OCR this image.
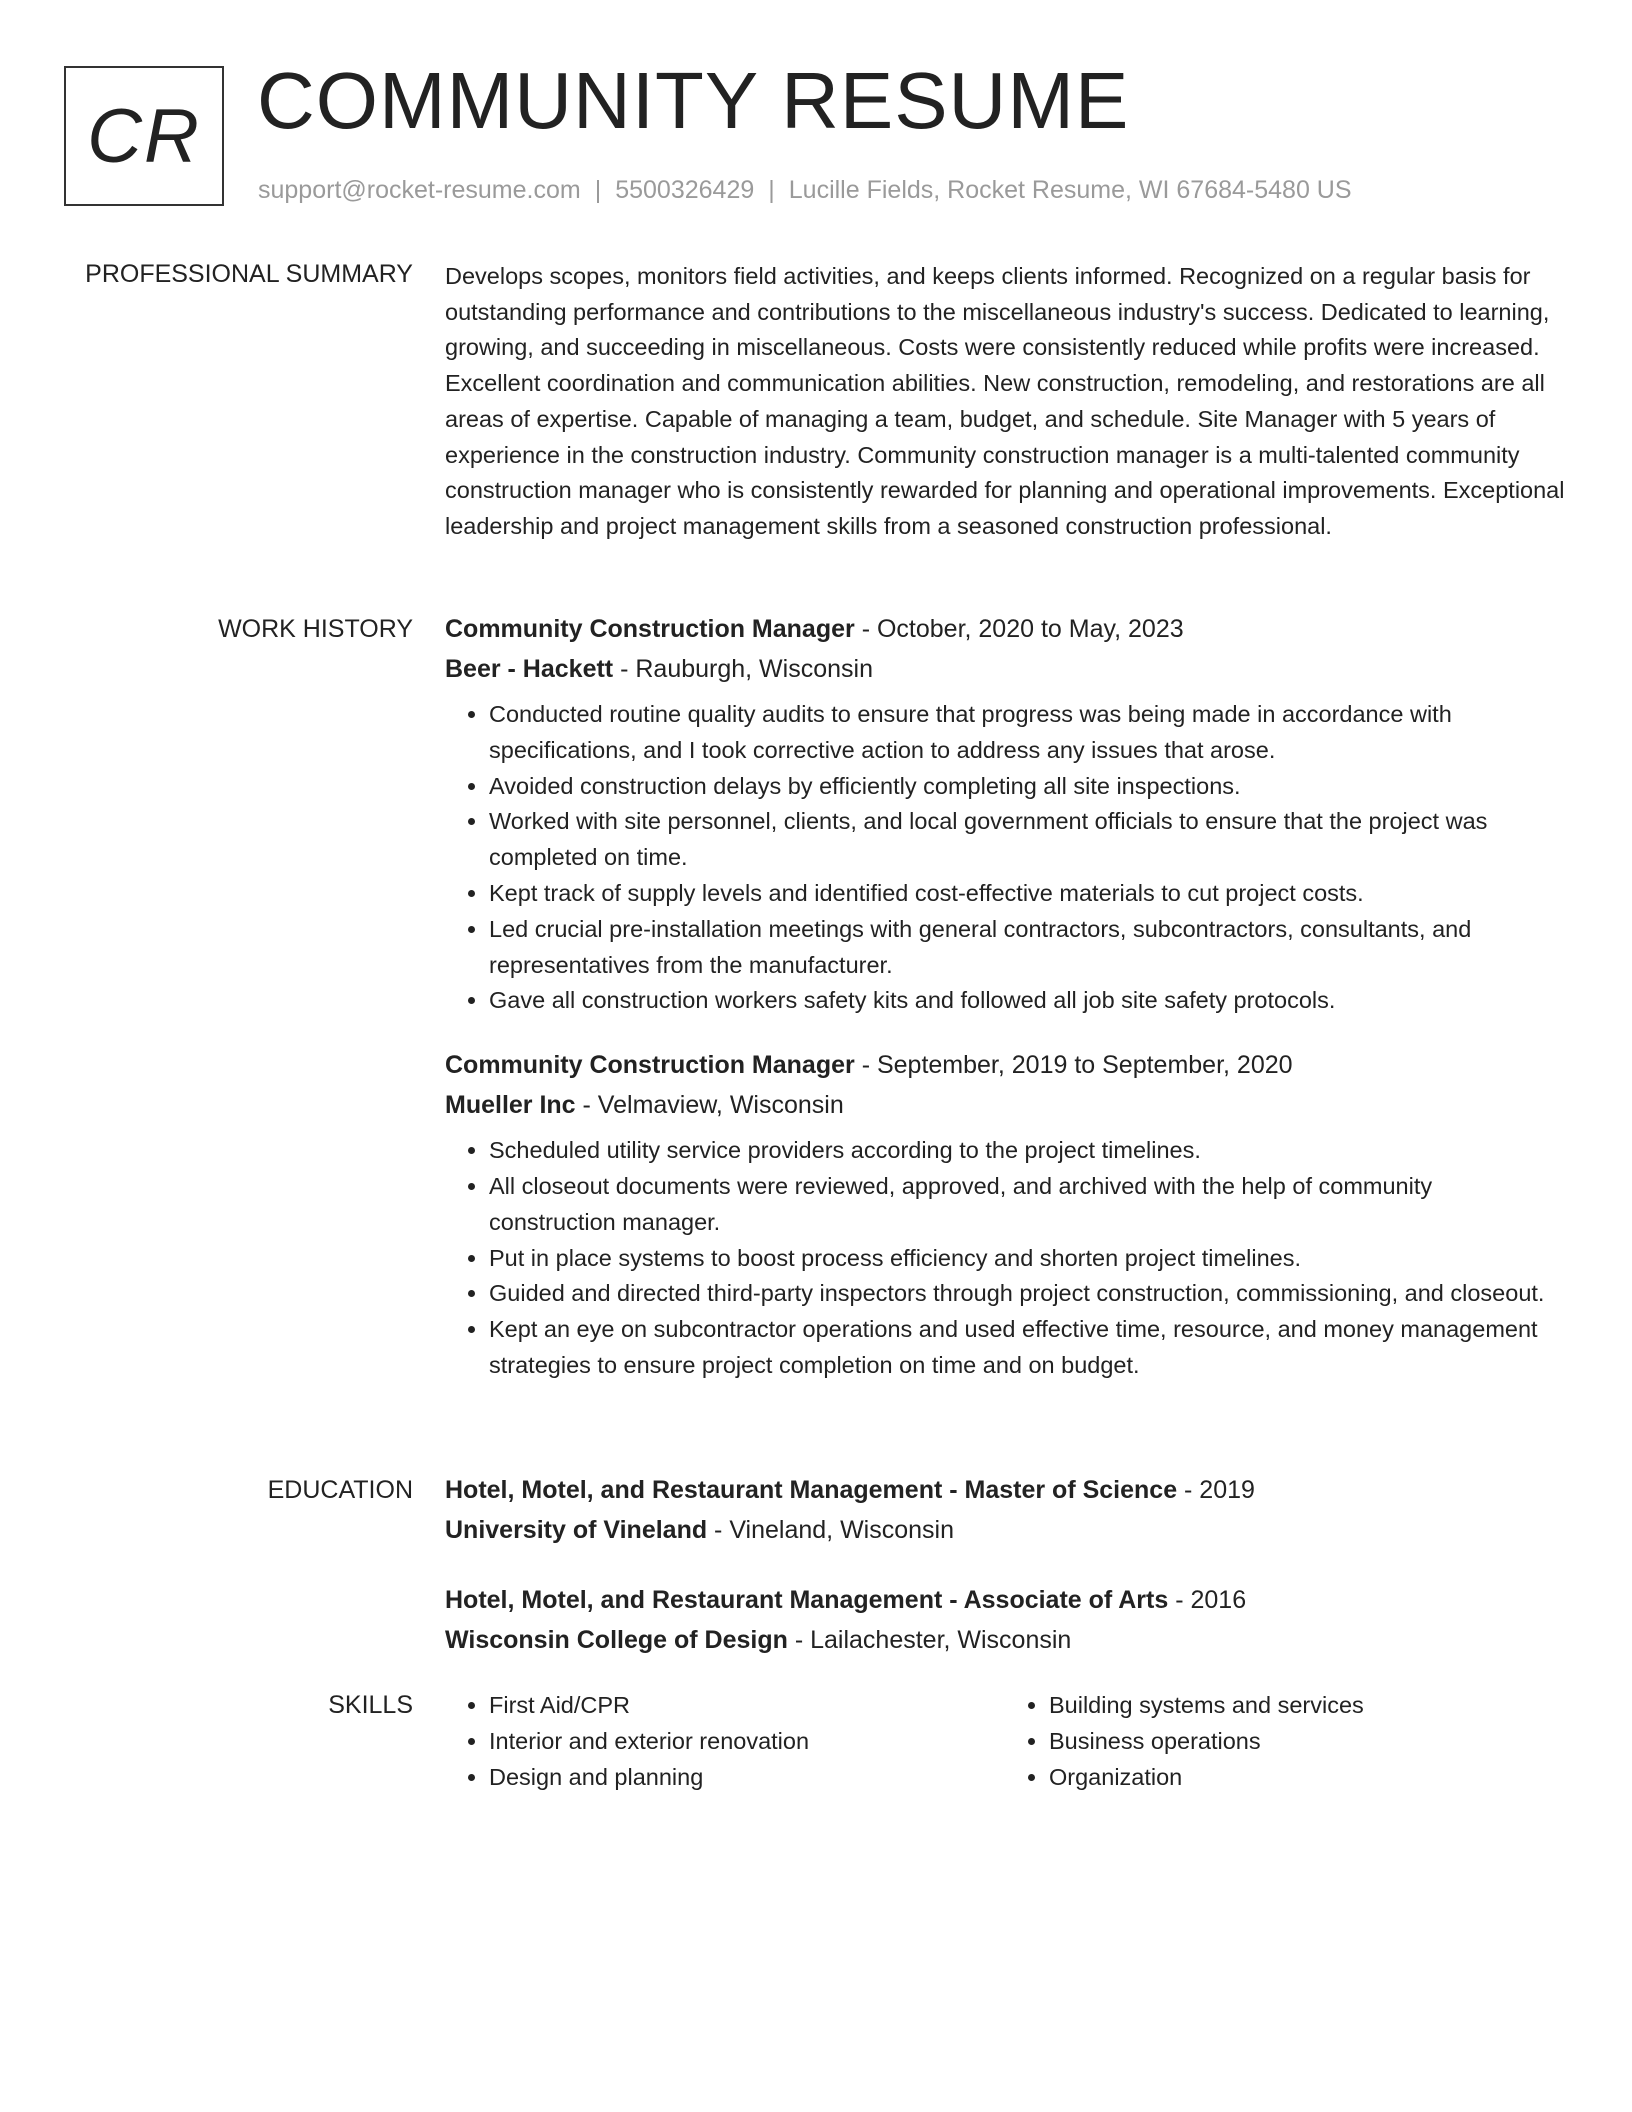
CR COMMUNITY RESUME
support@rocket-resume.com | 5500326429 | Lucille Fields, Rocket Resume, WI 67684-5480 US
PROFESSIONAL SUMMARY Develops scopes, monitors field activities, and keeps clients informed. Recognized on a regular basis for outstanding performance and contributions to the miscellaneous industry's success. Dedicated to learning, growing, and succeeding in miscellaneous. Costs were consistently reduced while profits were increased. Excellent coordination and communication abilities. New construction, remodeling, and restorations are all areas of expertise. Capable of managing a team, budget, and schedule. Site Manager with 5 years of experience in the construction industry. Community construction manager is a multi-talented community construction manager who is consistently rewarded for planning and operational improvements. Exceptional leadership and project management skills from a seasoned construction professional.

WORK HISTORY Community Construction Manager - October, 2020 to May, 2023
Beer - Hackett - Rauburgh, Wisconsin
• Conducted routine quality audits to ensure that progress was being made in accordance with specifications, and I took corrective action to address any issues that arose.
• Avoided construction delays by efficiently completing all site inspections.
• Worked with site personnel, clients, and local government officials to ensure that the project was completed on time.
• Kept track of supply levels and identified cost-effective materials to cut project costs.
• Led crucial pre-installation meetings with general contractors, subcontractors, consultants, and representatives from the manufacturer.
• Gave all construction workers safety kits and followed all job site safety protocols.
Community Construction Manager - September, 2019 to September, 2020
Mueller Inc - Velmaview, Wisconsin
• Scheduled utility service providers according to the project timelines.
• All closeout documents were reviewed, approved, and archived with the help of community construction manager.
• Put in place systems to boost process efficiency and shorten project timelines.
• Guided and directed third-party inspectors through project construction, commissioning, and closeout.
• Kept an eye on subcontractor operations and used effective time, resource, and money management strategies to ensure project completion on time and on budget.
EDUCATION Hotel, Motel, and Restaurant Management - Master of Science - 2019
University of Vineland - Vineland, Wisconsin
Hotel, Motel, and Restaurant Management - Associate of Arts - 2016
Wisconsin College of Design - Lailachester, Wisconsin
SKILLS
•	First Aid/CPR
• Interior and exterior renovation
• Design and planning
• Building systems and services
• Business operations
• Organization
